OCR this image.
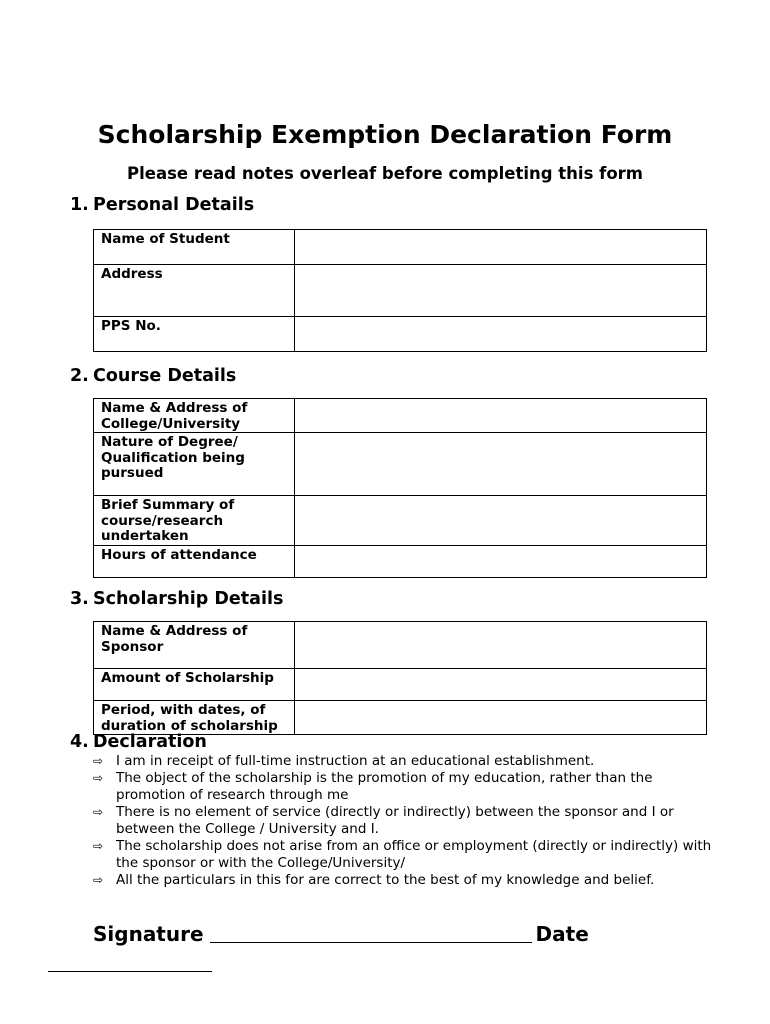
Scholarship Exemption Declaration Form
Please read notes overleaf before completing this form
1. Personal Details
Name of Student	
Address	
PPS No.	
2. Course Details
Name & Address of College/University	
Nature of Degree/ Qualification being pursued	
Brief Summary of course/research undertaken	
Hours of attendance	
3. Scholarship Details
Name & Address of Sponsor	
Amount of Scholarship	
Period, with dates, of duration of scholarship	
4. Declaration
⇨ I am in receipt of full-time instruction at an educational establishment.
⇨ The object of the scholarship is the promotion of my education, rather than the promotion of research through me
⇨ There is no element of service (directly or indirectly) between the sponsor and I or between the College / University and I.
⇨ The scholarship does not arise from an office or employment (directly or indirectly) with the sponsor or with the College/University/
⇨ All the particulars in this for are correct to the best of my knowledge and belief.
Signature	Date
